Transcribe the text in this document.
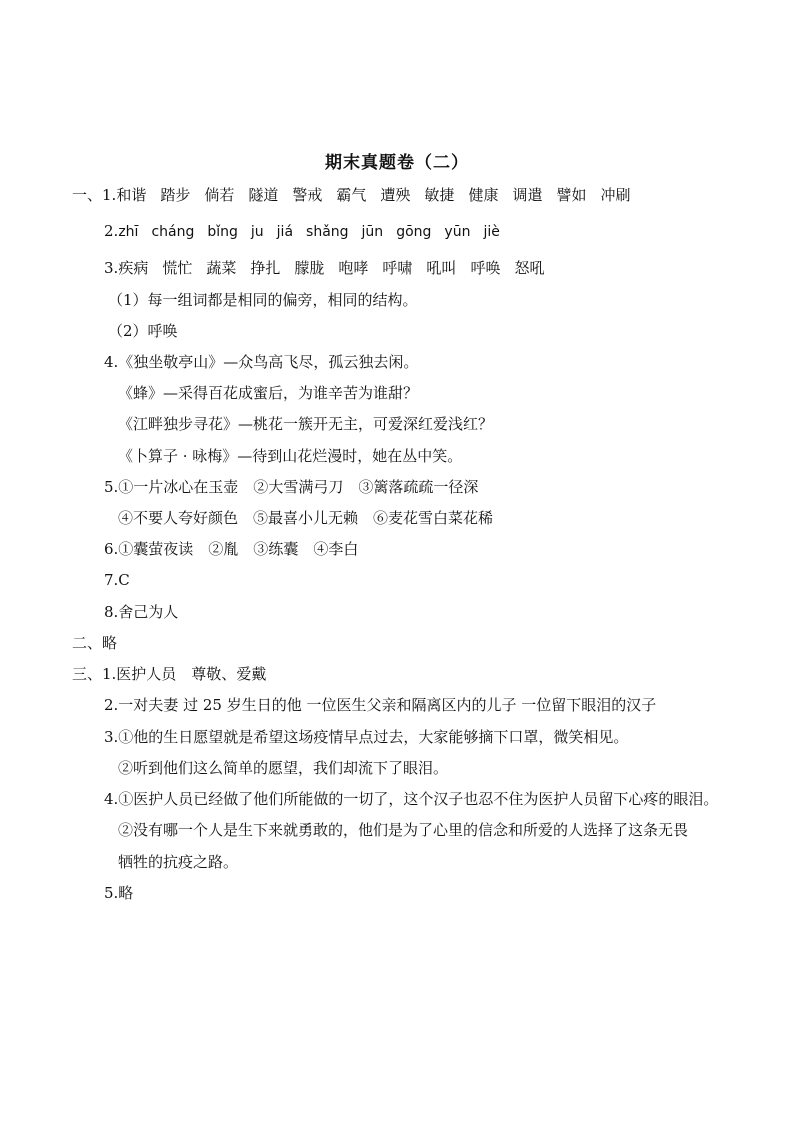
期末真题卷（二）
一、1.和谐 踏步 倘若 隧道 警戒 霸气 遭殃 敏捷 健康 调遣 譬如 冲刷
2.zhī cháng bǐng ju jiá shǎng jūn gōng yūn jiè
3.疾病 慌忙 蔬菜 挣扎 朦胧 咆哮 呼啸 吼叫 呼唤 怒吼
（1）每一组词都是相同的偏旁，相同的结构。
（2）呼唤
4.《独坐敬亭山》—众鸟高飞尽，孤云独去闲。
《蜂》—采得百花成蜜后，为谁辛苦为谁甜？
《江畔独步寻花》—桃花一簇开无主，可爱深红爱浅红？
《卜算子 · 咏梅》—待到山花烂漫时，她在丛中笑。
5.①一片冰心在玉壶　②大雪满弓刀　③篱落疏疏一径深
④不要人夸好颜色　⑤最喜小儿无赖　⑥麦花雪白菜花稀
6.①囊萤夜读　②胤　③练囊　④李白
7.C
8.舍己为人
二、略
三、1.医护人员　尊敬、爱戴
2.一对夫妻 过 25 岁生日的他 一位医生父亲和隔离区内的儿子 一位留下眼泪的汉子
3.①他的生日愿望就是希望这场疫情早点过去，大家能够摘下口罩，微笑相见。
②听到他们这么简单的愿望，我们却流下了眼泪。
4.①医护人员已经做了他们所能做的一切了，这个汉子也忍不住为医护人员留下心疼的眼泪。
②没有哪一个人是生下来就勇敢的，他们是为了心里的信念和所爱的人选择了这条无畏
牺牲的抗疫之路。
5.略
